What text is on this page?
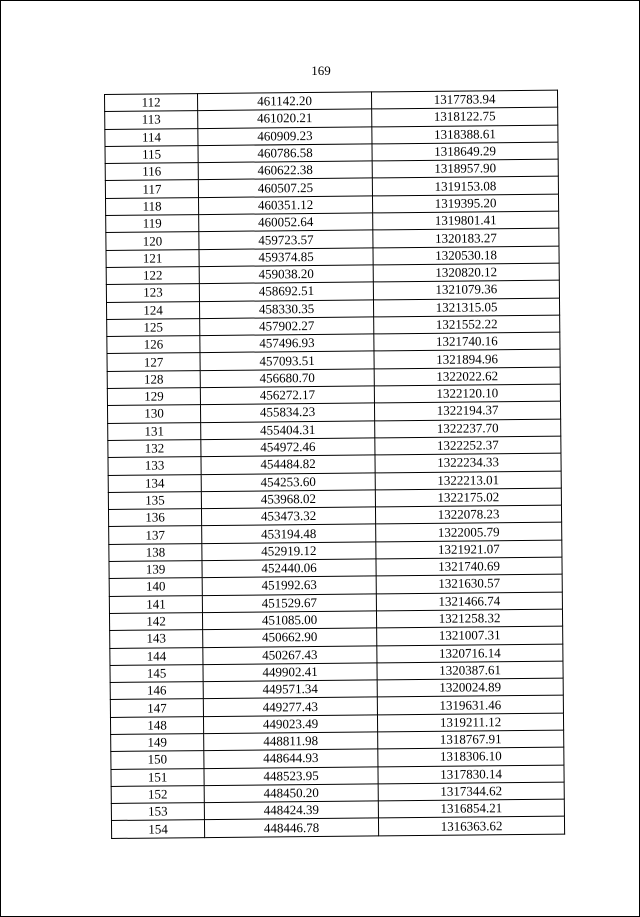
169
112	461142.20	1317783.94
113	461020.21	1318122.75
114	460909.23	1318388.61
115	460786.58	1318649.29
116	460622.38	1318957.90
117	460507.25	1319153.08
118	460351.12	1319395.20
119	460052.64	1319801.41
120	459723.57	1320183.27
121	459374.85	1320530.18
122	459038.20	1320820.12
123	458692.51	1321079.36
124	458330.35	1321315.05
125	457902.27	1321552.22
126	457496.93	1321740.16
127	457093.51	1321894.96
128	456680.70	1322022.62
129	456272.17	1322120.10
130	455834.23	1322194.37
131	455404.31	1322237.70
132	454972.46	1322252.37
133	454484.82	1322234.33
134	454253.60	1322213.01
135	453968.02	1322175.02
136	453473.32	1322078.23
137	453194.48	1322005.79
138	452919.12	1321921.07
139	452440.06	1321740.69
140	451992.63	1321630.57
141	451529.67	1321466.74
142	451085.00	1321258.32
143	450662.90	1321007.31
144	450267.43	1320716.14
145	449902.41	1320387.61
146	449571.34	1320024.89
147	449277.43	1319631.46
148	449023.49	1319211.12
149	448811.98	1318767.91
150	448644.93	1318306.10
151	448523.95	1317830.14
152	448450.20	1317344.62
153	448424.39	1316854.21
154	448446.78	1316363.62
